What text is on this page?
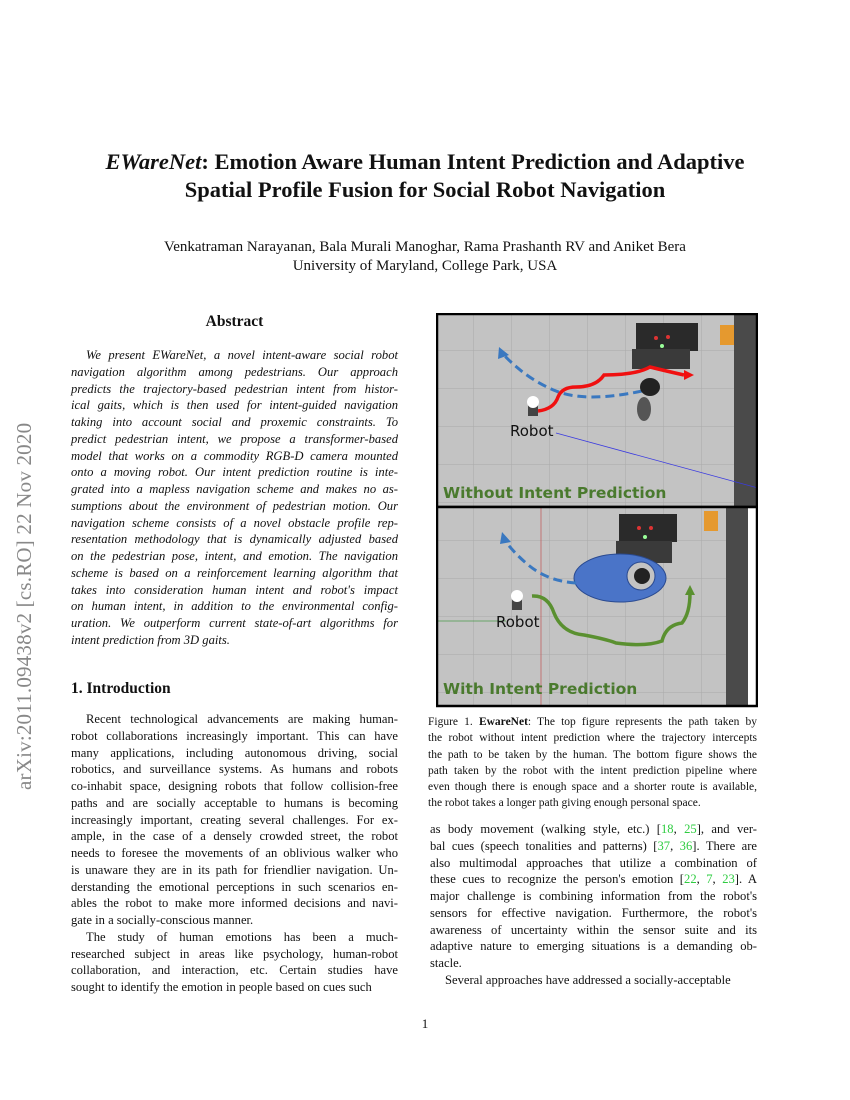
arXiv:2011.09438v2 [cs.RO] 22 Nov 2020
EWareNet: Emotion Aware Human Intent Prediction and Adaptive
Spatial Profile Fusion for Social Robot Navigation
Venkatraman Narayanan, Bala Murali Manoghar, Rama Prashanth RV and Aniket Bera
University of Maryland, College Park, USA
Abstract
We present EWareNet, a novel intent-aware social robot
navigation algorithm among pedestrians. Our approach
predicts the trajectory-based pedestrian intent from histor-
ical gaits, which is then used for intent-guided navigation
taking into account social and proxemic constraints. To
predict pedestrian intent, we propose a transformer-based
model that works on a commodity RGB-D camera mounted
onto a moving robot. Our intent prediction routine is inte-
grated into a mapless navigation scheme and makes no as-
sumptions about the environment of pedestrian motion. Our
navigation scheme consists of a novel obstacle profile rep-
resentation methodology that is dynamically adjusted based
on the pedestrian pose, intent, and emotion. The navigation
scheme is based on a reinforcement learning algorithm that
takes into consideration human intent and robot's impact
on human intent, in addition to the environmental config-
uration. We outperform current state-of-art algorithms for
intent prediction from 3D gaits.
1. Introduction
Recent technological advancements are making human-
robot collaborations increasingly important. This can have
many applications, including autonomous driving, social
robotics, and surveillance systems. As humans and robots
co-inhabit space, designing robots that follow collision-free
paths and are socially acceptable to humans is becoming
increasingly important, creating several challenges. For ex-
ample, in the case of a densely crowded street, the robot
needs to foresee the movements of an oblivious walker who
is unaware they are in its path for friendlier navigation. Un-
derstanding the emotional perceptions in such scenarios en-
ables the robot to make more informed decisions and navi-
gate in a socially-conscious manner.
The study of human emotions has been a much-
researched subject in areas like psychology, human-robot
collaboration, and interaction, etc. Certain studies have
sought to identify the emotion in people based on cues such
Robot
Without Intent Prediction
Robot
With Intent Prediction
Figure 1. EwareNet: The top figure represents the path taken by
the robot without intent prediction where the trajectory intercepts
the path to be taken by the human. The bottom figure shows the
path taken by the robot with the intent prediction pipeline where
even though there is enough space and a shorter route is available,
the robot takes a longer path giving enough personal space.
as body movement (walking style, etc.) [18, 25], and ver-
bal cues (speech tonalities and patterns) [37, 36]. There are
also multimodal approaches that utilize a combination of
these cues to recognize the person's emotion [22, 7, 23]. A
major challenge is combining information from the robot's
sensors for effective navigation. Furthermore, the robot's
awareness of uncertainty within the sensor suite and its
adaptive nature to emerging situations is a demanding ob-
stacle.
Several approaches have addressed a socially-acceptable
1
